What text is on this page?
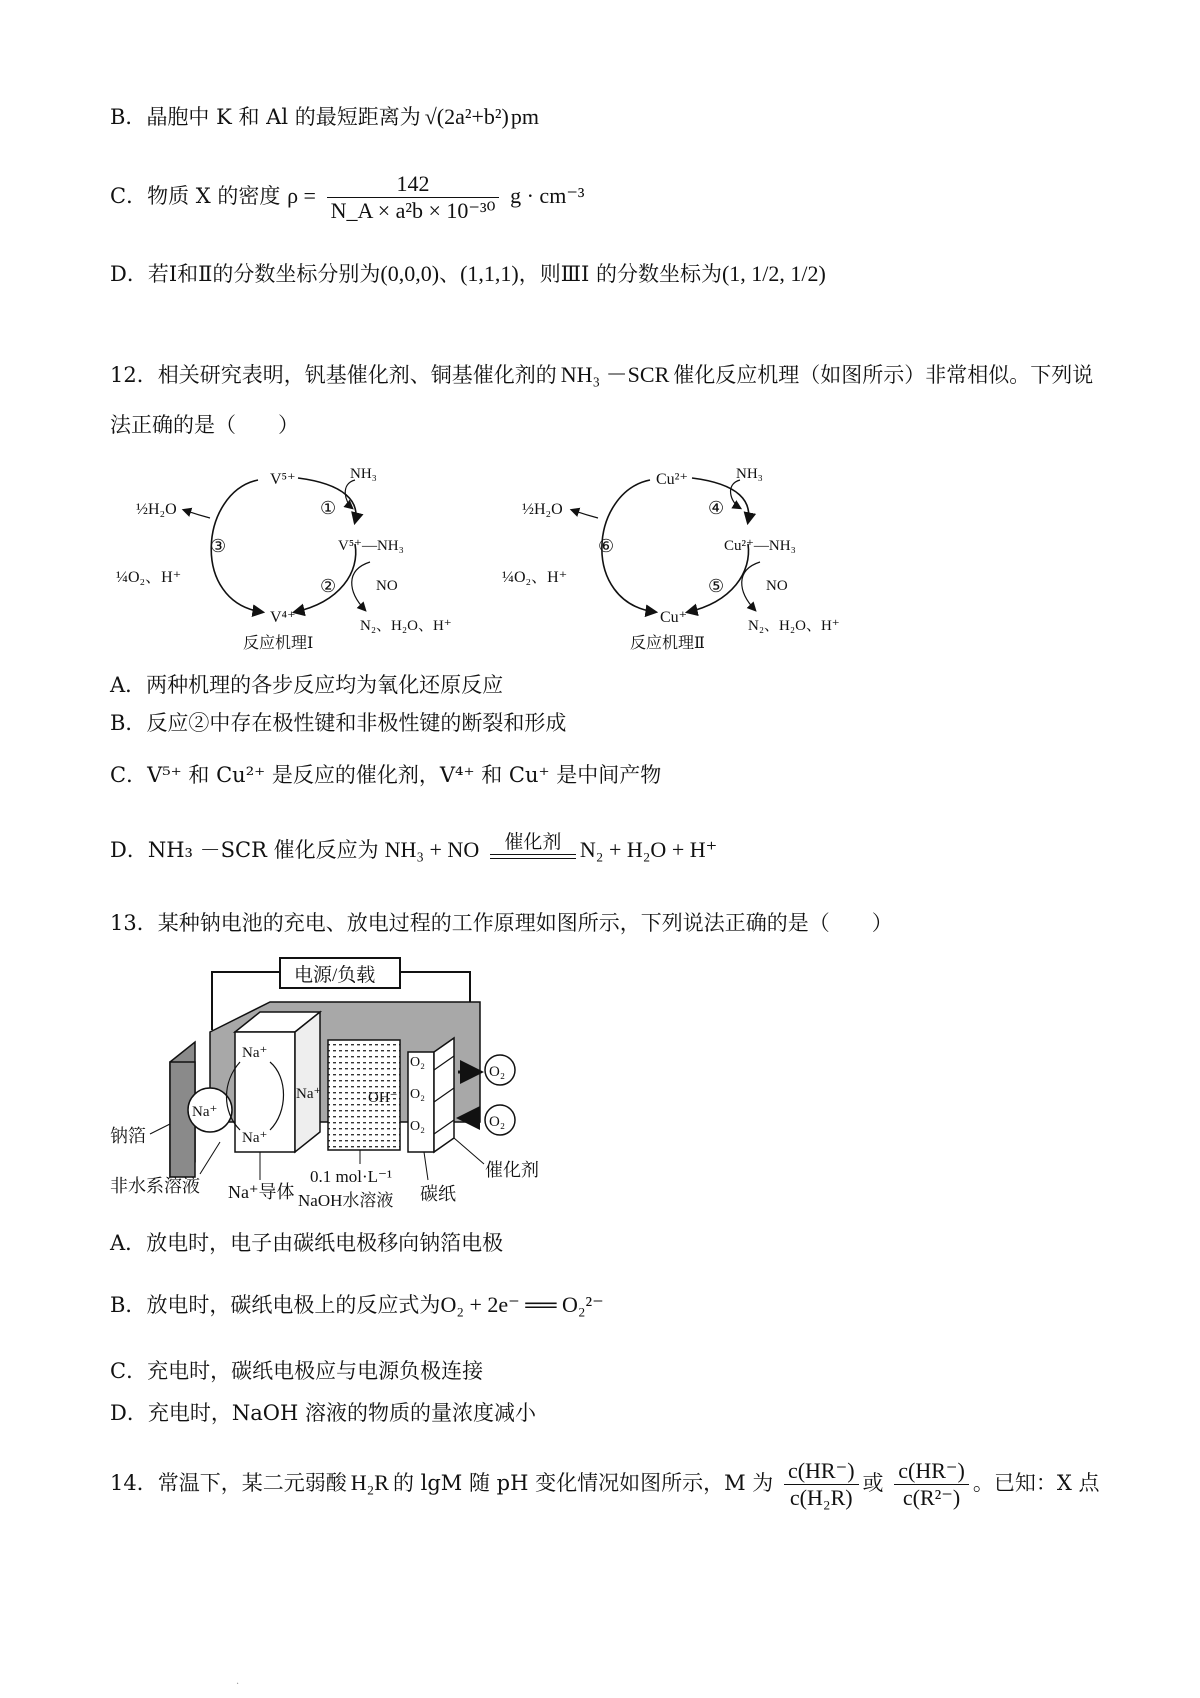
B．晶胞中 K 和 Al 的最短距离为 √(2a²+b²)pm
C．物质 X 的密度 $\rho = \frac{142}{\text{N\_A × a²b × 10⁻³⁰}}$ g · cm⁻³
D．若Ⅰ和Ⅱ的分数坐标分别为(0,0,0)、(1,1,1)，则ⅢI 的分数坐标为(1, 1/2, 1/2)
12．相关研究表明，钒基催化剂、铜基催化剂的 NH₃ －SCR 催化反应机理（如图所示）非常相似。下列说
法正确的是（　　）
V⁵⁺	NH₃
①
V⁵⁺—NH₃
②	NO
V⁴⁺	N₂、H₂O、H⁺
③
½H₂O
¼O₂、H⁺
反应机理Ⅰ
Cu²⁺	NH₃
④
Cu²⁺—NH₃
⑤	NO
Cu⁺	N₂、H₂O、H⁺
⑥
½H₂O
¼O₂、H⁺
反应机理Ⅱ
A．两种机理的各步反应均为氧化还原反应
B．反应②中存在极性键和非极性键的断裂和形成
C．V⁵⁺ 和 Cu²⁺ 是反应的催化剂，V⁴⁺ 和 Cu⁺ 是中间产物
D．NH₃ －SCR 催化反应为 NH₃ + NO	催化剂 N₂ + H₂O + H⁺
13．某种钠电池的充电、放电过程的工作原理如图所示，下列说法正确的是（　　）
电源/负载
O₂
O₂
O₂
O₂
O₂
Na⁺
Na⁺
Na⁺
Na⁺	OH⁻
钠箔
非水系溶液 Na⁺导体
0.1 mol·L⁻¹
NaOH水溶液 碳纸
催化剂
A．放电时，电子由碳纸电极移向钠箔电极
B．放电时，碳纸电极上的反应式为O₂ + 2e⁻ ══ O₂²⁻
C．充电时，碳纸电极应与电源负极连接
D．充电时，NaOH 溶液的物质的量浓度减小
14．常温下，某二元弱酸 H₂R 的 lgM 随 pH 变化情况如图所示，M 为 $\frac{c(HR^-)}{\text{c(H₂R)}}$ 或 $\frac{c(HR^-)}{\text{c(R²⁻)}}$ 。已知：X 点
.
